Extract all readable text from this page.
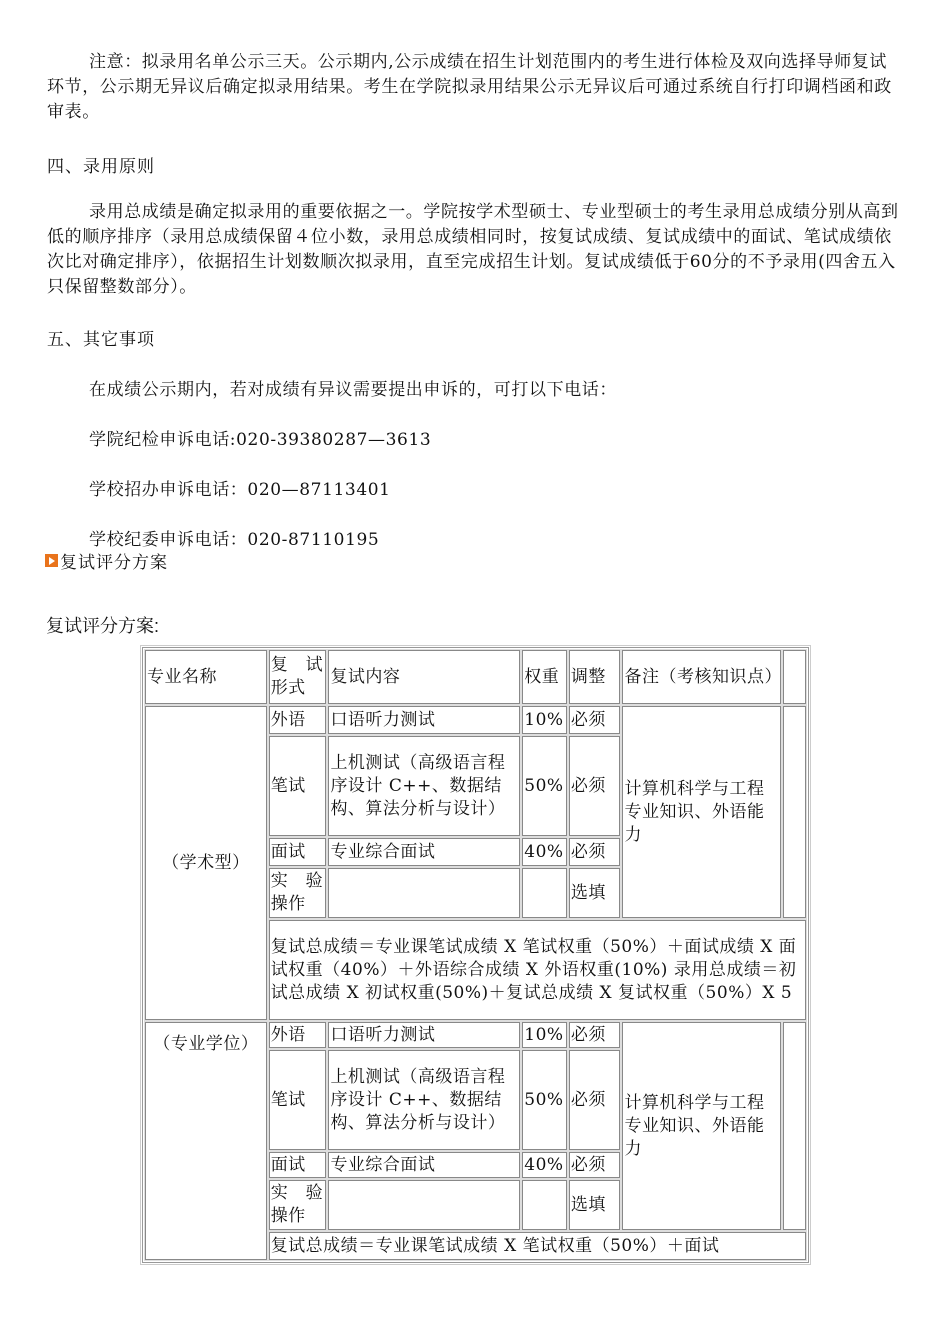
注意：拟录用名单公示三天。公示期内,公示成绩在招生计划范围内的考生进行体检及双向选择导师复试环节，公示期无异议后确定拟录用结果。考生在学院拟录用结果公示无异议后可通过系统自行打印调档函和政审表。

四、录用原则

录用总成绩是确定拟录用的重要依据之一。学院按学术型硕士、专业型硕士的考生录用总成绩分别从高到低的顺序排序（录用总成绩保留４位小数，录用总成绩相同时，按复试成绩、复试成绩中的面试、笔试成绩依次比对确定排序），依据招生计划数顺次拟录用，直至完成招生计划。复试成绩低于60分的不予录用(四舍五入只保留整数部分）。

五、其它事项

在成绩公示期内，若对成绩有异议需要提出申诉的，可打以下电话：

学院纪检申诉电话:020-39380287—3613

学校招办申诉电话：020—87113401

学校纪委申诉电话：020-87110195

复试评分方案
复试评分方案:
专业名称	复　试形式	复试内容	权重	调整	备注（考核知识点）	
（学术型）	外语	口语听力测试	10%	必须	计算机科学与工程专业知识、外语能力	
	笔试	上机测试（高级语言程序设计 C++、数据结构、算法分析与设计）	50%	必须		
	面试	专业综合面试	40%	必须		
	实　验操作			选填		
	复试总成绩＝专业课笔试成绩 X 笔试权重（50%）＋面试成绩 X 面试权重（40%）＋外语综合成绩 X 外语权重(10%) 录用总成绩＝初试总成绩 X 初试权重(50%)＋复试总成绩 X 复试权重（50%）X 5					
（专业学位）	外语	口语听力测试	10%	必须	计算机科学与工程专业知识、外语能力	
	笔试	上机测试（高级语言程序设计 C++、数据结构、算法分析与设计）	50%	必须		
	面试	专业综合面试	40%	必须		
	实　验操作			选填		
	复试总成绩＝专业课笔试成绩 X 笔试权重（50%）＋面试					
